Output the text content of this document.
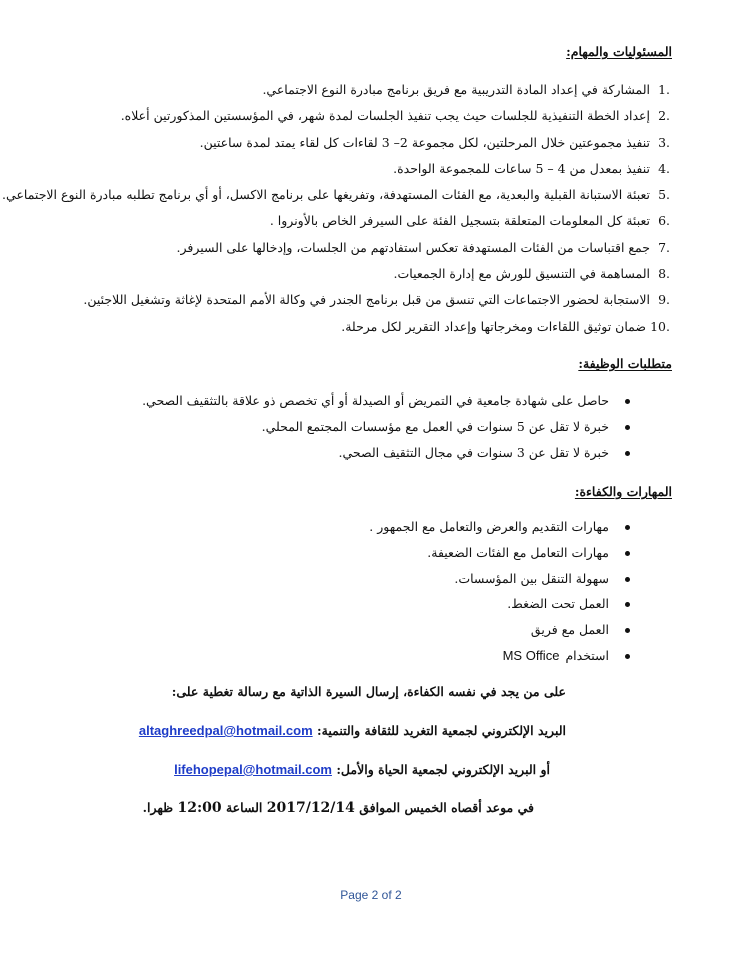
المسئوليات والمهام:
1.المشاركة في إعداد المادة التدريبية مع فريق برنامج مبادرة النوع الاجتماعي.
2.إعداد الخطة التنفيذية للجلسات حيث يجب تنفيذ الجلسات لمدة شهر، في المؤسستين المذكورتين أعلاه.
3.تنفيذ مجموعتين خلال المرحلتين، لكل مجموعة 2– 3 لقاءات كل لقاء يمتد لمدة ساعتين.
4.تنفيذ بمعدل من 4 – 5 ساعات للمجموعة الواحدة.
5.تعبئة الاستبانة القبلية والبعدية، مع الفئات المستهدفة، وتفريغها على برنامج الاكسل، أو أي برنامج تطلبه مبادرة النوع الاجتماعي.
6.تعبئة كل المعلومات المتعلقة بتسجيل الفئة على السيرفر الخاص بالأونروا .
7.جمع اقتباسات من الفئات المستهدفة تعكس استفادتهم من الجلسات، وإدخالها على السيرفر.
8.المساهمة في التنسيق للورش مع إدارة الجمعيات.
9.الاستجابة لحضور الاجتماعات التي تنسق من قبل برنامج الجندر في وكالة الأمم المتحدة لإغاثة وتشغيل اللاجئين.
10.ضمان توثيق اللقاءات ومخرجاتها وإعداد التقرير لكل مرحلة.
متطلبات الوظيفة:
حاصل على شهادة جامعية في التمريض أو الصيدلة أو أي تخصص ذو علاقة بالتثقيف الصحي.
خبرة لا تقل عن 5 سنوات في العمل مع مؤسسات المجتمع المحلي.
خبرة لا تقل عن 3 سنوات في مجال التثقيف الصحي.
المهارات والكفاءة:
مهارات التقديم والعرض والتعامل مع الجمهور .
مهارات التعامل مع الفئات الضعيفة.
سهولة التنقل بين المؤسسات.
العمل تحت الضغط.
العمل مع فريق
استخدامMS Office
على من يجد في نفسه الكفاءة، إرسال السيرة الذاتية مع رسالة تغطية على:
البريد الإلكتروني لجمعية التغريد للثقافة والتنمية: altaghreedpal@hotmail.com
أو البريد الإلكتروني لجمعية الحياة والأمل: lifehopepal@hotmail.com
في موعد أقصاه الخميس الموافق 2017/12/14 الساعة 12:00 ظهرا.
Page 2 of 2
